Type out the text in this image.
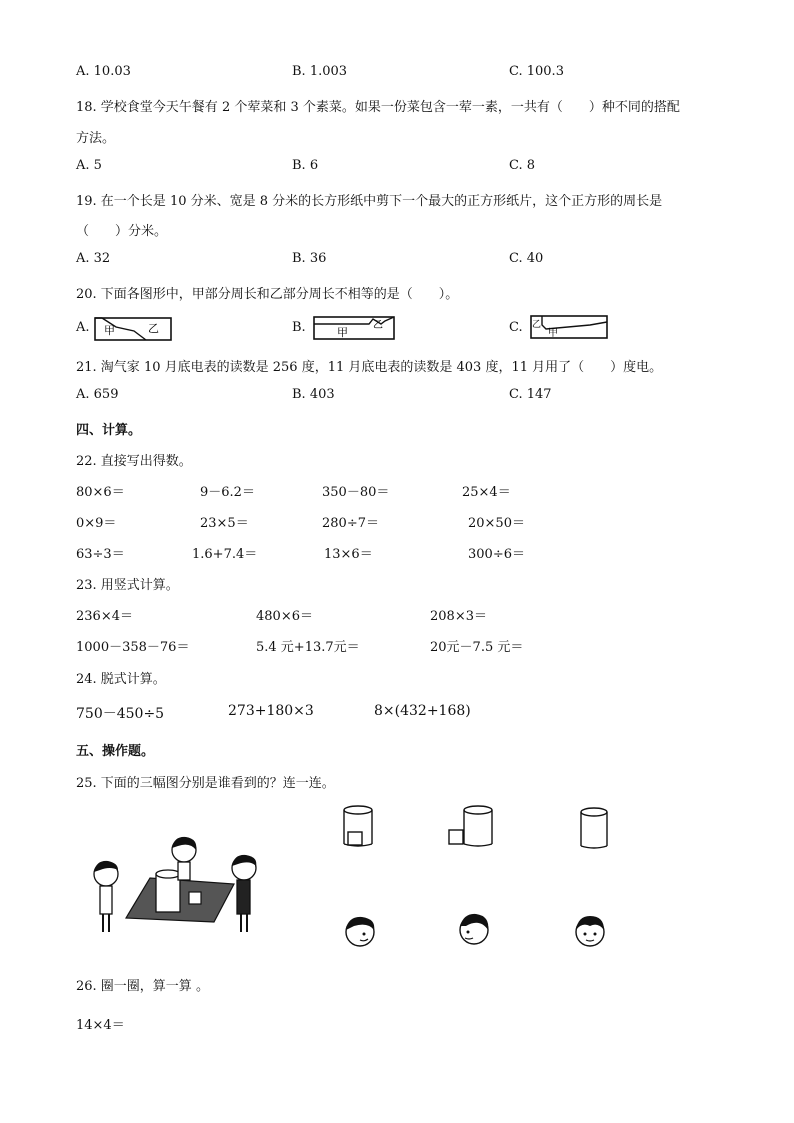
A. 10.03	B. 1.003	C. 100.3
18. 学校食堂今天午餐有 2 个荤菜和 3 个素菜。如果一份菜包含一荤一素，一共有（　　）种不同的搭配
方法。
A. 5	B. 6	C. 8
19. 在一个长是 10 分米、宽是 8 分米的长方形纸中剪下一个最大的正方形纸片，这个正方形的周长是
（　　）分米。
A. 32	B. 36	C. 40
20. 下面各图形中，甲部分周长和乙部分周长不相等的是（　　）。
A.	B.	C.
甲	乙	甲
乙	乙
甲
21. 淘气家 10 月底电表的读数是 256 度，11 月底电表的读数是 403 度，11 月用了（　　）度电。
A. 659	B. 403	C. 147
四、计算。
22. 直接写出得数。
80×6＝	9－6.2＝	350－80＝	25×4＝
0×9＝	23×5＝	280÷7＝	20×50＝
63÷3＝	1.6+7.4＝	13×6＝	300÷6＝
23. 用竖式计算。
236×4＝	480×6＝	208×3＝
1000－358－76＝	5.4 元+13.7元＝	20元－7.5 元＝
24. 脱式计算。
750－450÷5	273+180×3	8×(432+168)
五、操作题。
25. 下面的三幅图分别是谁看到的？连一连。
26. 圈一圈，算一算 。
14×4＝
